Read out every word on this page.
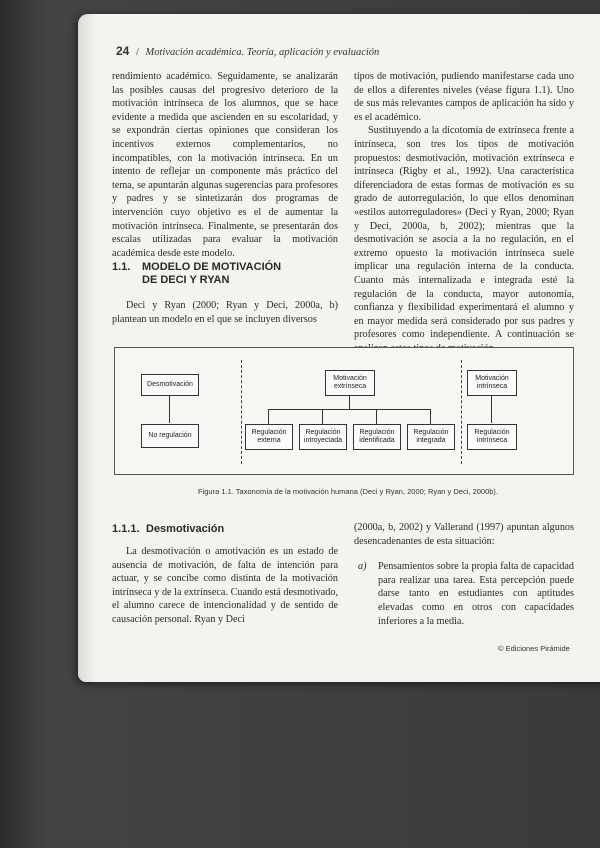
24 / Motivación académica. Teoría, aplicación y evaluación

rendimiento académico. Seguidamente, se analizarán las posibles causas del progresivo deterioro de la motivación intrínseca de los alumnos, que se hace evidente a medida que ascienden en su escolaridad, y se expondrán ciertas opiniones que consideran los incentivos externos complementarios, no incompatibles, con la motivación intrínseca. En un intento de reflejar un componente más práctico del tema, se apuntarán algunas sugerencias para profesores y padres y se sintetizarán dos programas de intervención cuyo objetivo es el de aumentar la motivación intrínseca. Finalmente, se presentarán dos escalas utilizadas para evaluar la motivación académica desde este modelo.

1.1. MODELO DE MOTIVACIÓN
DE DECI Y RYAN

Deci y Ryan (2000; Ryan y Deci, 2000a, b) plantean un modelo en el que se incluyen diversos

tipos de motivación, pudiendo manifestarse cada uno de ellos a diferentes niveles (véase figura 1.1). Uno de sus más relevantes campos de aplicación ha sido y es el académico.

Sustituyendo a la dicotomía de extrínseca frente a intrínseca, son tres los tipos de motivación propuestos: desmotivación, motivación extrínseca e intrínseca (Rigby et al., 1992). Una característica diferenciadora de estas formas de motivación es su grado de autorregulación, lo que ellos denominan «estilos autorreguladores» (Deci y Ryan, 2000; Ryan y Deci, 2000a, b, 2002); mientras que la desmotivación se asocia a la no regulación, en el extremo opuesto la motivación intrínseca suele implicar una regulación interna de la conducta. Cuanto más internalizada e integrada esté la regulación de la conducta, mayor autonomía, confianza y flexibilidad experimentará el alumno y en mayor medida será considerado por sus padres y profesores como independiente. A continuación se

Desmotivación
No regulación
Motivación
extrínseca
Regulación
externa
Regulación
introyectada
Regulación
identificada
Regulación
integrada
Motivación
intrínseca
Regulación
intrínseca
Figura 1.1. Taxonomía de la motivación humana (Deci y Ryan, 2000; Ryan y Deci, 2000b).
1.1.1. Desmotivación

La desmotivación o amotivación es un estado de ausencia de motivación, de falta de intención para actuar, y se concibe como distinta de la motivación intrínseca y de la extrínseca. Cuando está desmotivado, el alumno carece de intencionalidad y de sentido de causación personal. Ryan y Deci

(2000a, b, 2002) y Vallerand (1997) apuntan algunos desencadenantes de esta situación:

a) Pensamientos sobre la propia falta de capacidad para realizar una tarea. Esta percepción puede darse tanto en estudiantes con aptitudes elevadas como en otros con capacidades inferiores a la media.
© Ediciones Pirámide
